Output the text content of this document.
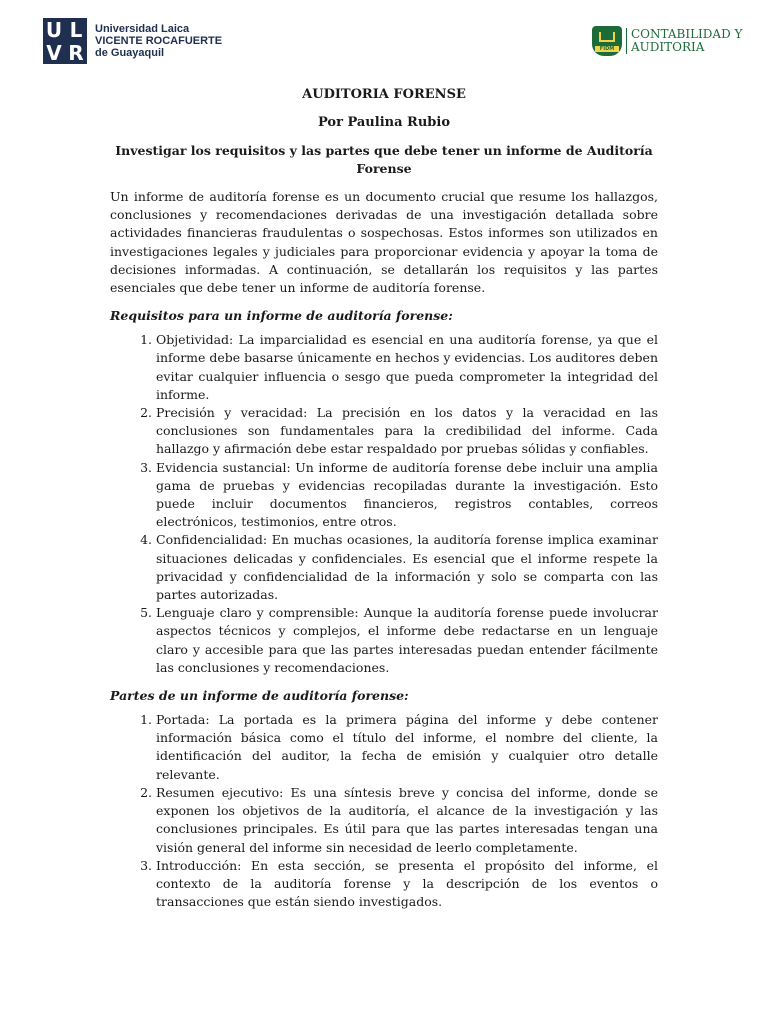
U L
V R
Universidad Laica
VICENTE ROCAFUERTE
de Guayaquil	FIDM
CONTABILIDAD Y
AUDITORIA

AUDITORIA FORENSE

Por Paulina Rubio

Investigar los requisitos y las partes que debe tener un informe de Auditoría Forense

Un informe de auditoría forense es un documento crucial que resume los hallazgos, conclusiones y recomendaciones derivadas de una investigación detallada sobre actividades financieras fraudulentas o sospechosas. Estos informes son utilizados en investigaciones legales y judiciales para proporcionar evidencia y apoyar la toma de decisiones informadas. A continuación, se detallarán los requisitos y las partes esenciales que debe tener un informe de auditoría forense.

Requisitos para un informe de auditoría forense:

1. Objetividad: La imparcialidad es esencial en una auditoría forense, ya que el informe debe basarse únicamente en hechos y evidencias. Los auditores deben evitar cualquier influencia o sesgo que pueda comprometer la integridad del informe.
2. Precisión y veracidad: La precisión en los datos y la veracidad en las conclusiones son fundamentales para la credibilidad del informe. Cada hallazgo y afirmación debe estar respaldado por pruebas sólidas y confiables.
3. Evidencia sustancial: Un informe de auditoría forense debe incluir una amplia gama de pruebas y evidencias recopiladas durante la investigación. Esto puede incluir documentos financieros, registros contables, correos electrónicos, testimonios, entre otros.
4. Confidencialidad: En muchas ocasiones, la auditoría forense implica examinar situaciones delicadas y confidenciales. Es esencial que el informe respete la privacidad y confidencialidad de la información y solo se comparta con las partes autorizadas.
5. Lenguaje claro y comprensible: Aunque la auditoría forense puede involucrar aspectos técnicos y complejos, el informe debe redactarse en un lenguaje claro y accesible para que las partes interesadas puedan entender fácilmente las conclusiones y recomendaciones.

Partes de un informe de auditoría forense:

1. Portada: La portada es la primera página del informe y debe contener información básica como el título del informe, el nombre del cliente, la identificación del auditor, la fecha de emisión y cualquier otro detalle relevante.
2. Resumen ejecutivo: Es una síntesis breve y concisa del informe, donde se exponen los objetivos de la auditoría, el alcance de la investigación y las conclusiones principales. Es útil para que las partes interesadas tengan una visión general del informe sin necesidad de leerlo completamente.
3. Introducción: En esta sección, se presenta el propósito del informe, el contexto de la auditoría forense y la descripción de los eventos o transacciones que están siendo investigados.
